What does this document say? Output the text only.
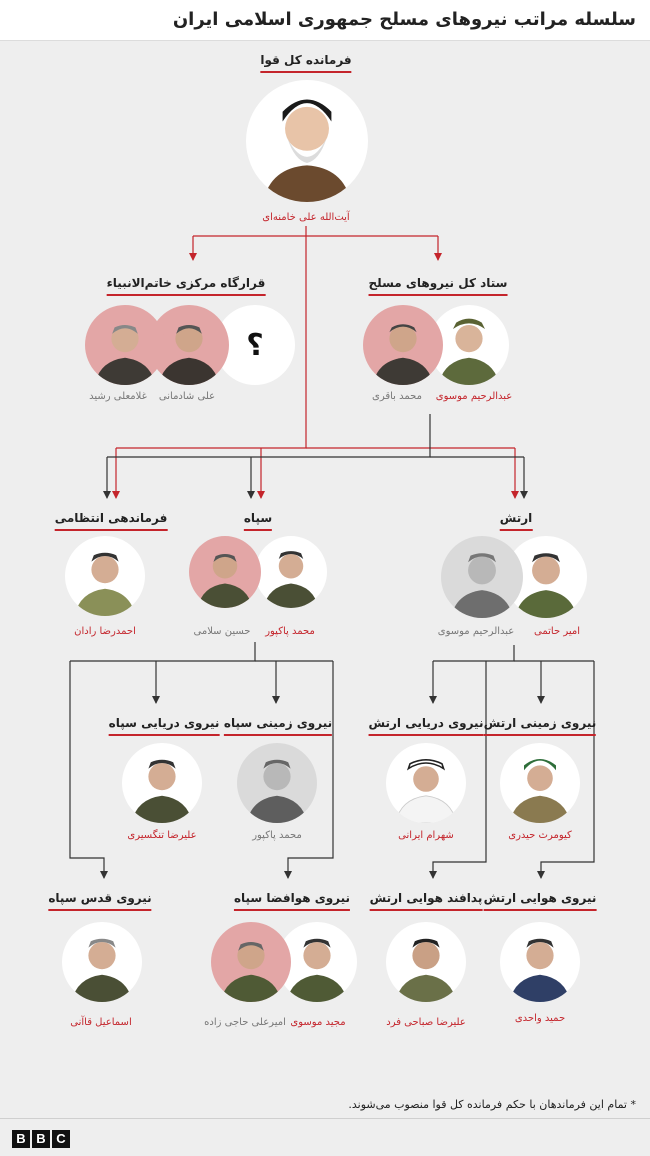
سلسله مراتب نیروهای مسلح جمهوری اسلامی ایران
فرمانده کل قوا
ستاد کل نیروهای مسلح
قرارگاه مرکزی خاتم‌الانبیاء
ارتش
سپاه
فرماندهی انتظامی
نیروی زمینی ارتش
نیروی دریایی ارتش
نیروی زمینی سپاه
نیروی دریایی سپاه
نیروی هوایی ارتش
پدافند هوایی ارتش
نیروی هوافضا سپاه
نیروی قدس سپاه
؟
آیت‌الله علی خامنه‌ای
عبدالرحیم موسوی
محمد باقری
علی شادمانی
غلامعلی رشید
امیر حاتمی
عبدالرحیم موسوی
محمد پاکپور
حسین سلامی
احمدرضا رادان
کیومرث حیدری
شهرام ایرانی
محمد پاکپور
علیرضا تنگسیری
حمید واحدی
علیرضا صباحی فرد
مجید موسوی
امیرعلی حاجی زاده
اسماعیل قاآنی
* تمام این فرماندهان با حکم فرمانده کل قوا منصوب می‌شوند.
B B C
